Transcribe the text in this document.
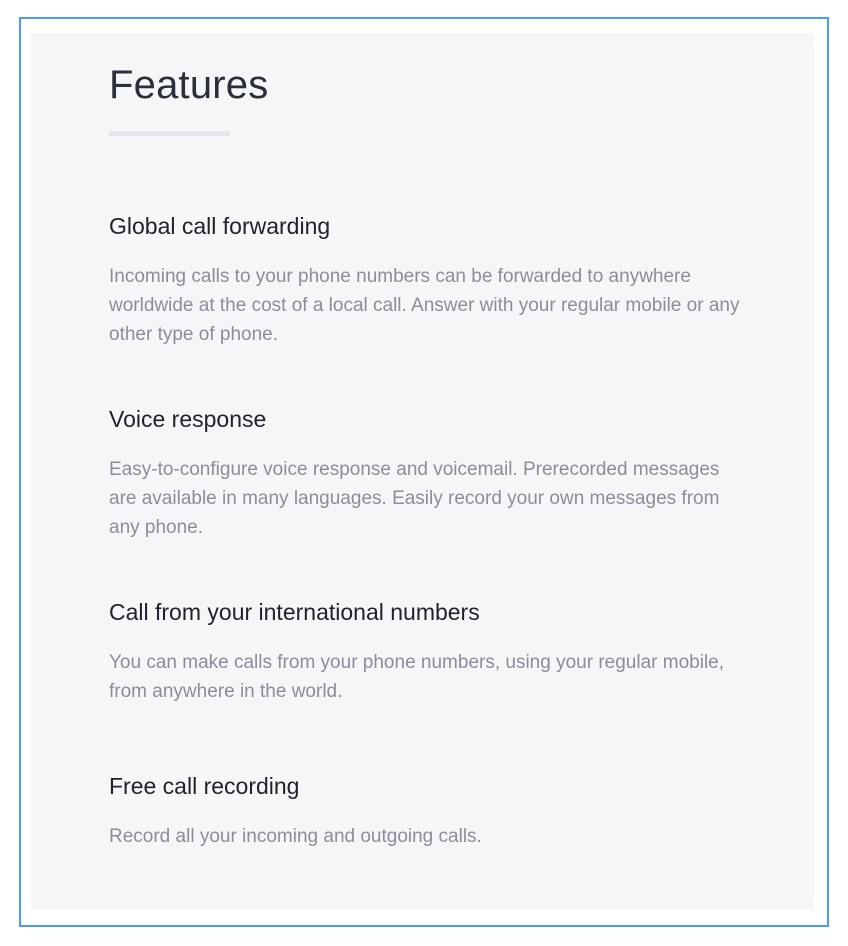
Features
Global call forwarding

Incoming calls to your phone numbers can be forwarded to anywhere worldwide at the cost of a local call. Answer with your regular mobile or any other type of phone.

Voice response

Easy-to-configure voice response and voicemail. Prerecorded messages are available in many languages. Easily record your own messages from any phone.

Call from your international numbers

You can make calls from your phone numbers, using your regular mobile, from anywhere in the world.

Free call recording

Record all your incoming and outgoing calls.
